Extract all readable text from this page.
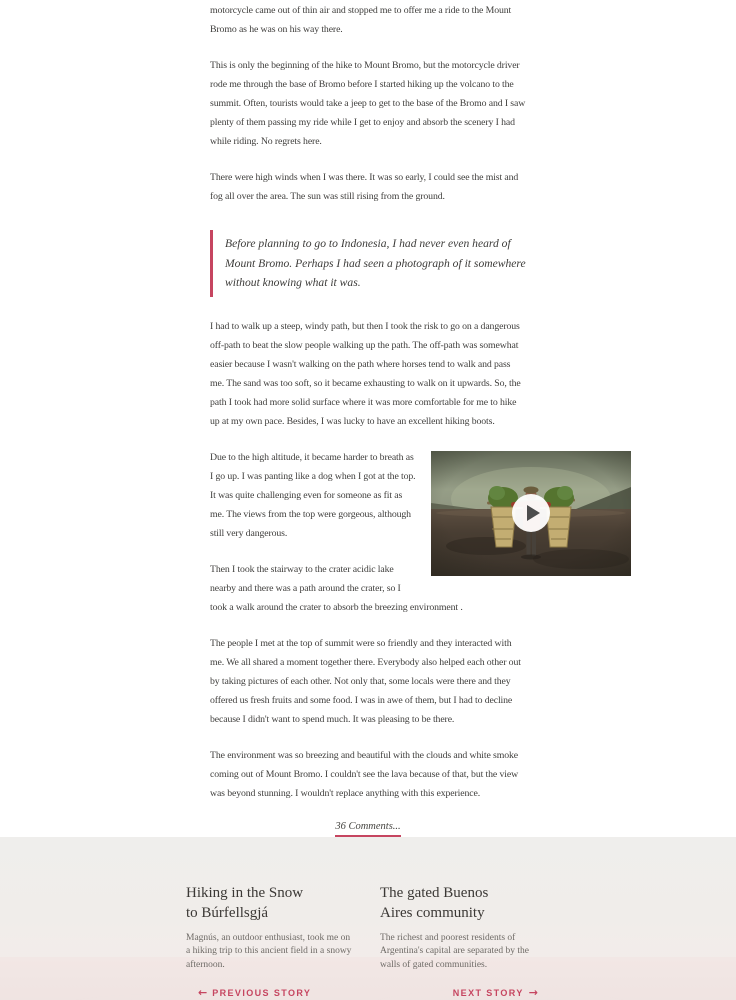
motorcycle came out of thin air and stopped me to offer me a ride to the Mount Bromo as he was on his way there.

This is only the beginning of the hike to Mount Bromo, but the motorcycle driver rode me through the base of Bromo before I started hiking up the volcano to the summit. Often, tourists would take a jeep to get to the base of the Bromo and I saw plenty of them passing my ride while I get to enjoy and absorb the scenery I had while riding. No regrets here.

There were high winds when I was there. It was so early, I could see the mist and fog all over the area. The sun was still rising from the ground.

Before planning to go to Indonesia, I had never even heard of Mount Bromo. Perhaps I had seen a photograph of it somewhere without knowing what it was.

I had to walk up a steep, windy path, but then I took the risk to go on a dangerous off-path to beat the slow people walking up the path. The off-path was somewhat easier because I wasn't walking on the path where horses tend to walk and pass me. The sand was too soft, so it became exhausting to walk on it upwards. So, the path I took had more solid surface where it was more comfortable for me to hike up at my own pace. Besides, I was lucky to have an excellent hiking boots.

Due to the high altitude, it became harder to breath as I go up. I was panting like a dog when I got at the top. It was quite challenging even for someone as fit as me. The views from the top were gorgeous, although still very dangerous.

Then I took the stairway to the crater acidic lake nearby and there was a path around the crater, so I took a walk around the crater to absorb the breezing environment .

The people I met at the top of summit were so friendly and they interacted with me. We all shared a moment together there. Everybody also helped each other out by taking pictures of each other. Not only that, some locals were there and they offered us fresh fruits and some food. I was in awe of them, but I had to decline because I didn't want to spend much. It was pleasing to be there.

The environment was so breezing and beautiful with the clouds and white smoke coming out of Mount Bromo. I couldn't see the lava because of that, but the view was beyond stunning. I wouldn't replace anything with this experience.

36 Comments...
Hiking in the Snow to Búrfellsgjá

Magnús, an outdoor enthusiast, took me on a hiking trip to this ancient field in a snowy afternoon.

The gated Buenos Aires community

The richest and poorest residents of Argentina's capital are separated by the walls of gated communities.

← PREVIOUS STORY	NEXT STORY →
